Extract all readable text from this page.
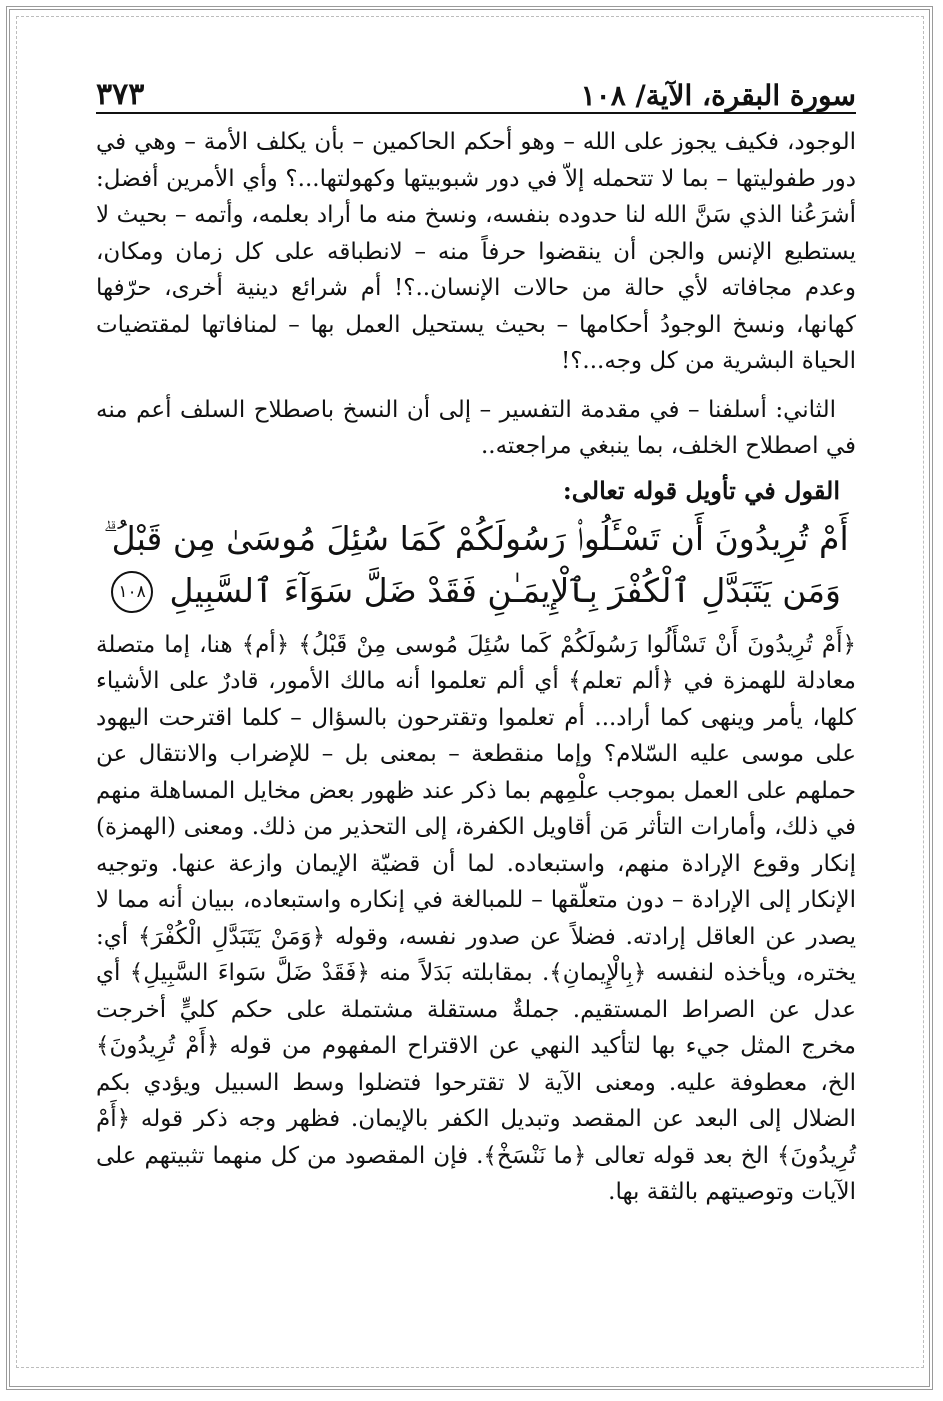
سورة البقرة، الآية/ ١٠٨
٣٧٣

الوجود، فكيف يجوز على الله – وهو أحكم الحاكمين – بأن يكلف الأمة – وهي في دور طفوليتها – بما لا تتحمله إلاّ في دور شبوبيتها وكهولتها...؟ وأي الأمرين أفضل: أشرَعُنا الذي سَنَّ الله لنا حدوده بنفسه، ونسخ منه ما أراد بعلمه، وأتمه – بحيث لا يستطيع الإنس والجن أن ينقضوا حرفاً منه – لانطباقه على كل زمان ومكان، وعدم مجافاته لأي حالة من حالات الإنسان..؟! أم شرائع دينية أخرى، حرّفها كهانها، ونسخ الوجودُ أحكامها – بحيث يستحيل العمل بها – لمنافاتها لمقتضيات الحياة البشرية من كل وجه...؟!

الثاني: أسلفنا – في مقدمة التفسير – إلى أن النسخ باصطلاح السلف أعم منه في اصطلاح الخلف، بما ينبغي مراجعته..

القول في تأويل قوله تعالى:
أَمْ تُرِيدُونَ أَن تَسْـَٔلُوا۟ رَسُولَكُمْ كَمَا سُئِلَ مُوسَىٰ مِن قَبْلُ ۗ وَمَن يَتَبَدَّلِ ٱلْكُفْرَ بِٱلْإِيمَـٰنِ فَقَدْ ضَلَّ سَوَآءَ ٱلسَّبِيلِ ١٠٨

﴿أَمْ تُرِيدُونَ أَنْ تَسْأَلُوا رَسُولَكُمْ كَما سُئِلَ مُوسى مِنْ قَبْلُ﴾ ﴿أم﴾ هنا، إما متصلة معادلة للهمزة في ﴿ألم تعلم﴾ أي ألم تعلموا أنه مالك الأمور، قادرٌ على الأشياء كلها، يأمر وينهى كما أراد... أم تعلموا وتقترحون بالسؤال – كلما اقترحت اليهود على موسى عليه السّلام؟ وإما منقطعة – بمعنى بل – للإضراب والانتقال عن حملهم على العمل بموجب علْمِهم بما ذكر عند ظهور بعض مخايل المساهلة منهم في ذلك، وأمارات التأثر مَن أقاويل الكفرة، إلى التحذير من ذلك. ومعنى (الهمزة) إنكار وقوع الإرادة منهم، واستبعاده. لما أن قضيّة الإيمان وازعة عنها. وتوجيه الإنكار إلى الإرادة – دون متعلّقها – للمبالغة في إنكاره واستبعاده، ببيان أنه مما لا يصدر عن العاقل إرادته. فضلاً عن صدور نفسه، وقوله ﴿وَمَنْ يَتَبَدَّلِ الْكُفْرَ﴾ أي: يختره، ويأخذه لنفسه ﴿بِالْإِيمانِ﴾. بمقابلته بَدَلاً منه ﴿فَقَدْ ضَلَّ سَواءَ السَّبِيلِ﴾ أي عدل عن الصراط المستقيم. جملةٌ مستقلة مشتملة على حكم كليٍّ أخرجت مخرج المثل جيء بها لتأكيد النهي عن الاقتراح المفهوم من قوله ﴿أَمْ تُرِيدُونَ﴾ الخ، معطوفة عليه. ومعنى الآية لا تقترحوا فتضلوا وسط السبيل ويؤدي بكم الضلال إلى البعد عن المقصد وتبديل الكفر بالإيمان. فظهر وجه ذكر قوله ﴿أَمْ تُرِيدُونَ﴾ الخ بعد قوله تعالى ﴿ما نَنْسَخْ﴾. فإن المقصود من كل منهما تثبيتهم على الآيات وتوصيتهم بالثقة بها.
